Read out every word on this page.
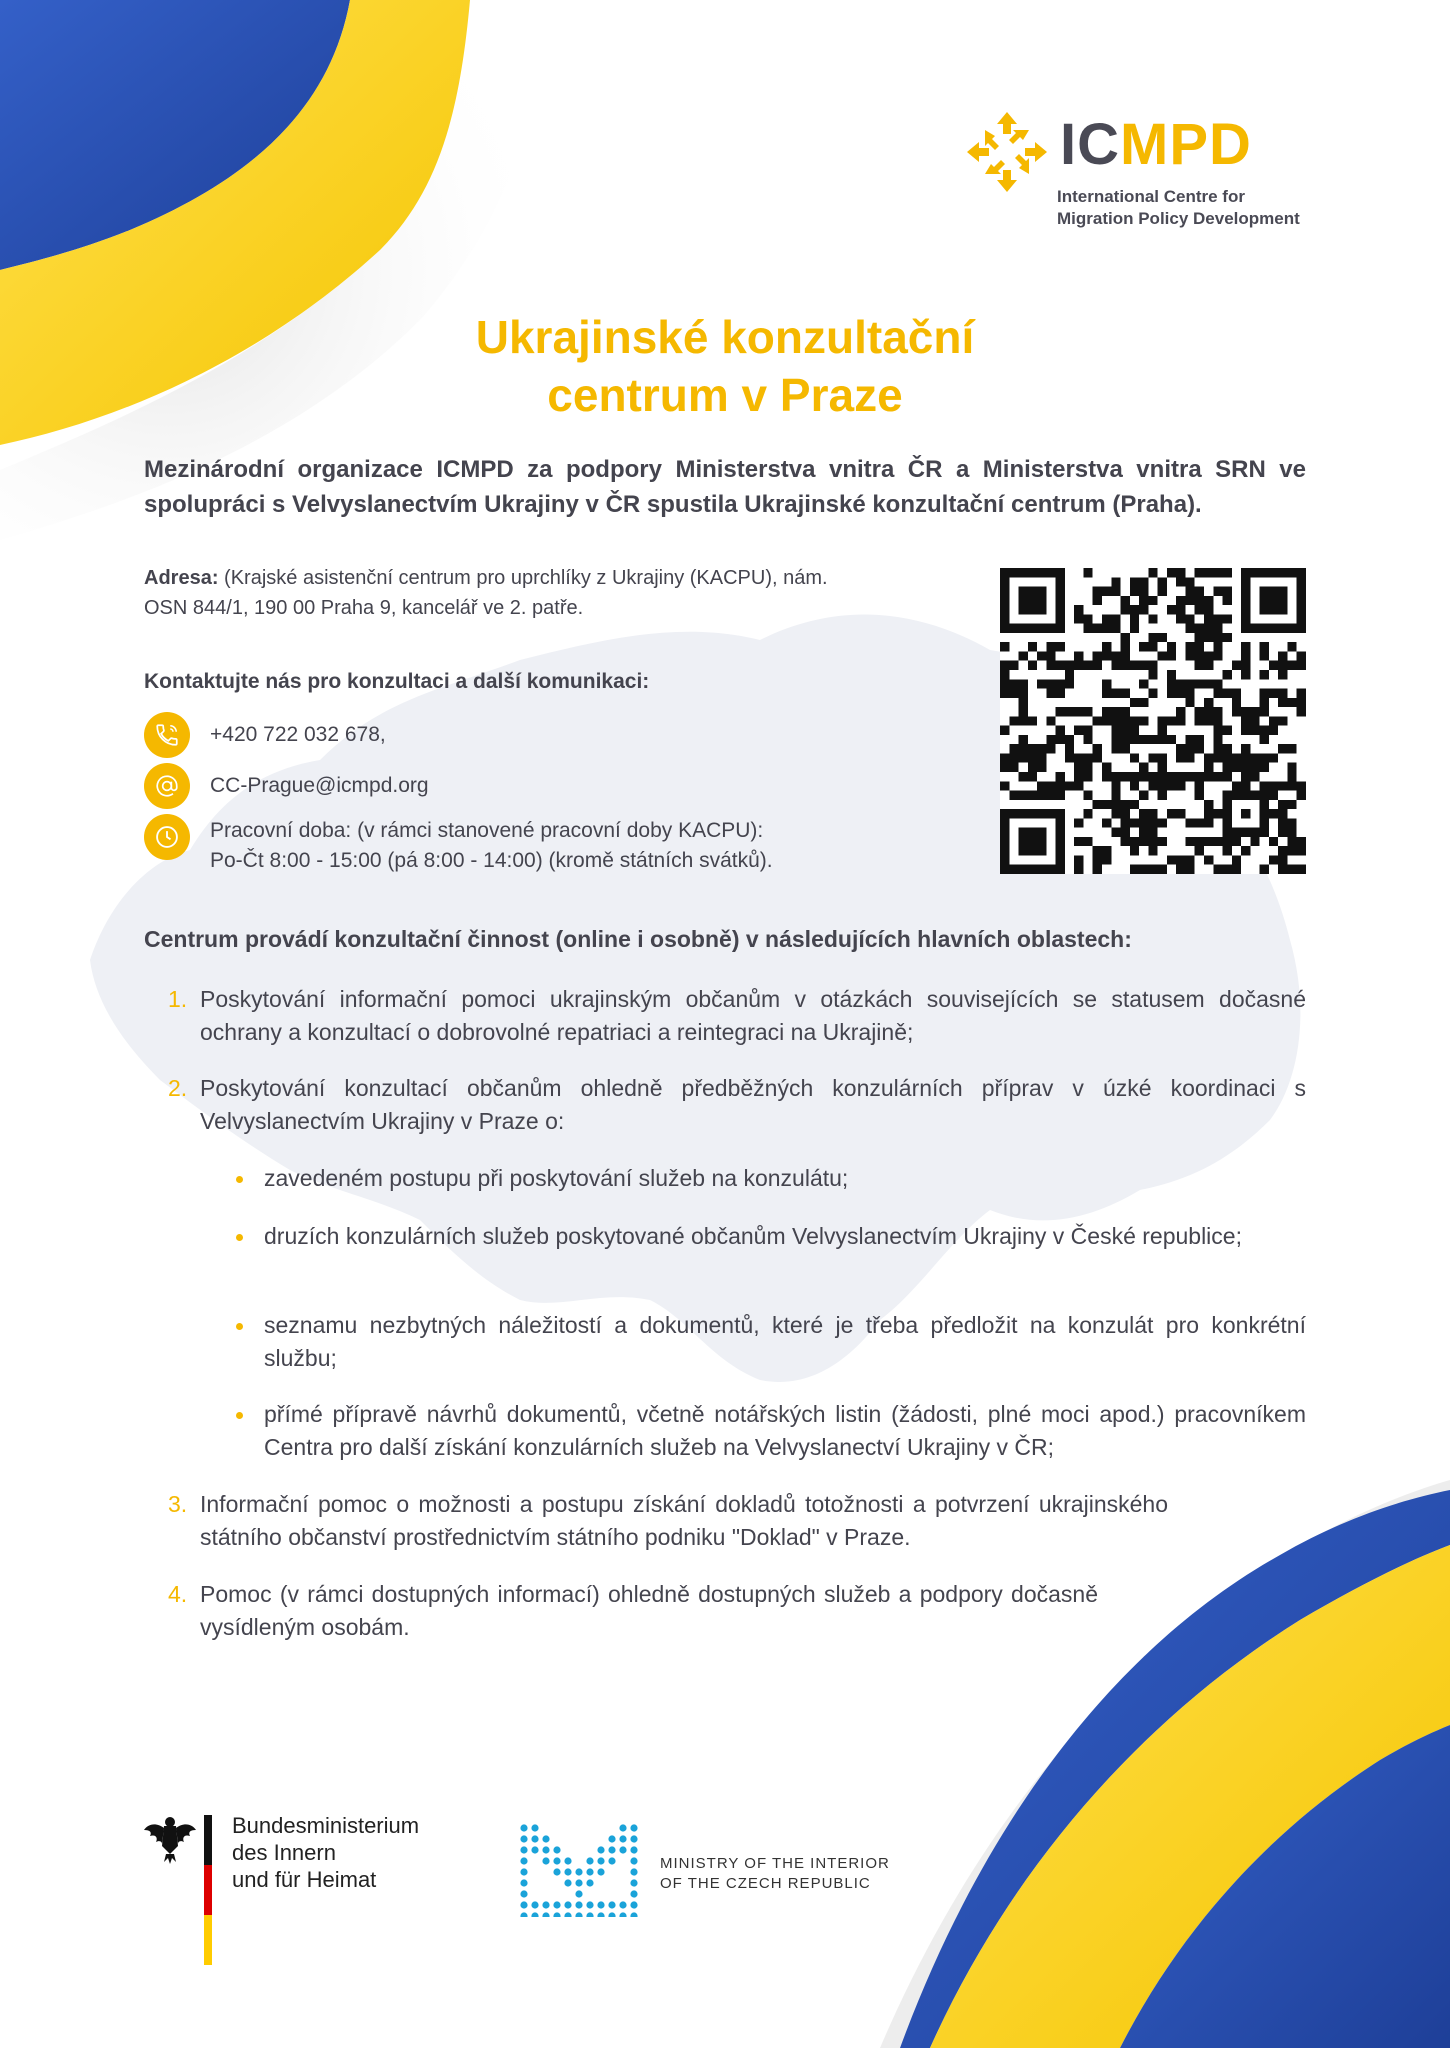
ICMPD
International Centre for
Migration Policy Development
Ukrajinské konzultační
centrum v Praze

Mezinárodní organizace ICMPD za podpory Ministerstva vnitra ČR a Ministerstva vnitra SRN ve spolupráci s Velvyslanectvím Ukrajiny v ČR spustila Ukrajinské konzultační centrum (Praha).

Adresa: (Krajské asistenční centrum pro uprchlíky z Ukrajiny (KACPU), nám.
OSN 844/1, 190 00 Praha 9, kancelář ve 2. patře.

Kontaktujte nás pro konzultaci a další komunikaci:

+420 722 032 678,
CC-Prague@icmpd.org
Pracovní doba: (v rámci stanovené pracovní doby KACPU):
Po-Čt 8:00 - 15:00 (pá 8:00 - 14:00) (kromě státních svátků).

Centrum provádí konzultační činnost (online i osobně) v následujících hlavních oblastech:

1. Poskytování informační pomoci ukrajinským občanům v otázkách souvisejících se statusem dočasné ochrany a konzultací o dobrovolné repatriaci a reintegraci na Ukrajině;
2. Poskytování konzultací občanům ohledně předběžných konzulárních příprav v úzké koordinaci s Velvyslanectvím Ukrajiny v Praze o:
zavedeném postupu při poskytování služeb na konzulátu;
druzích konzulárních služeb poskytované občanům Velvyslanectvím Ukrajiny v České republice;
seznamu nezbytných náležitostí a dokumentů, které je třeba předložit na konzulát pro konkrétní službu;
přímé přípravě návrhů dokumentů, včetně notářských listin (žádosti, plné moci apod.) pracovníkem Centra pro další získání konzulárních služeb na Velvyslanectví Ukrajiny v ČR;
3. Informační pomoc o možnosti a postupu získání dokladů totožnosti a potvrzení ukrajinského státního občanství prostřednictvím státního podniku "Doklad" v Praze.
4. Pomoc (v rámci dostupných informací) ohledně dostupných služeb a podpory dočasně vysídleným osobám.
Bundesministerium
des Innern
und für Heimat
MINISTRY OF THE INTERIOR
OF THE CZECH REPUBLIC
